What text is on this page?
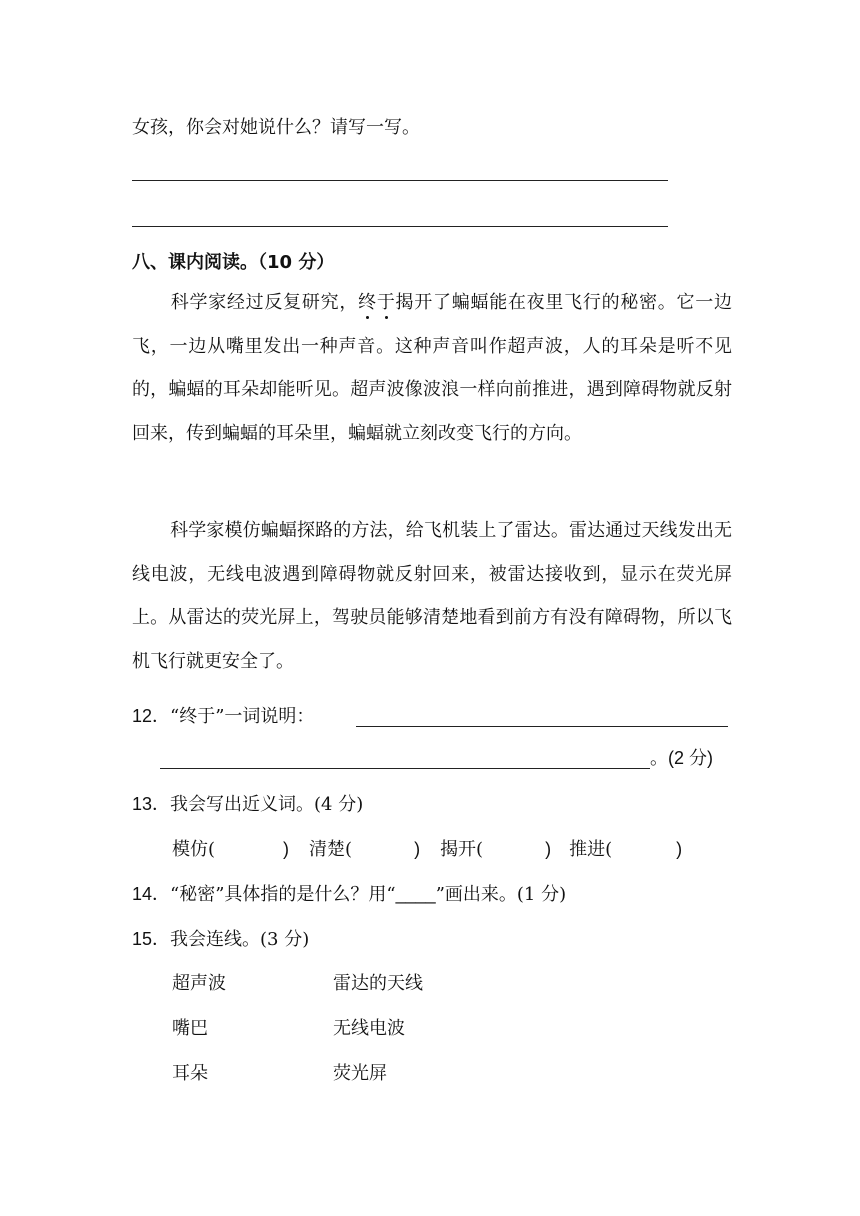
女孩，你会对她说什么？请写一写。
八、课内阅读。（10 分）
科学家经过反复研究，终于揭开了蝙蝠能在夜里飞行的秘密。它一边飞，一边从嘴里发出一种声音。这种声音叫作超声波，人的耳朵是听不见的，蝙蝠的耳朵却能听见。超声波像波浪一样向前推进，遇到障碍物就反射回来，传到蝙蝠的耳朵里，蝙蝠就立刻改变飞行的方向。
科学家模仿蝙蝠探路的方法，给飞机装上了雷达。雷达通过天线发出无线电波，无线电波遇到障碍物就反射回来，被雷达接收到，显示在荧光屏上。从雷达的荧光屏上，驾驶员能够清楚地看到前方有没有障碍物，所以飞机飞行就更安全了。
12．“终于”一词说明：
。(2 分)
13．我会写出近义词。(4 分)
模仿(	) 清楚(	) 揭开(	) 推进(	)
14．“秘密”具体指的是什么？用“____”画出来。(1 分)
15．我会连线。(3 分)
超声波
嘴巴
耳朵
雷达的天线
无线电波
荧光屏
